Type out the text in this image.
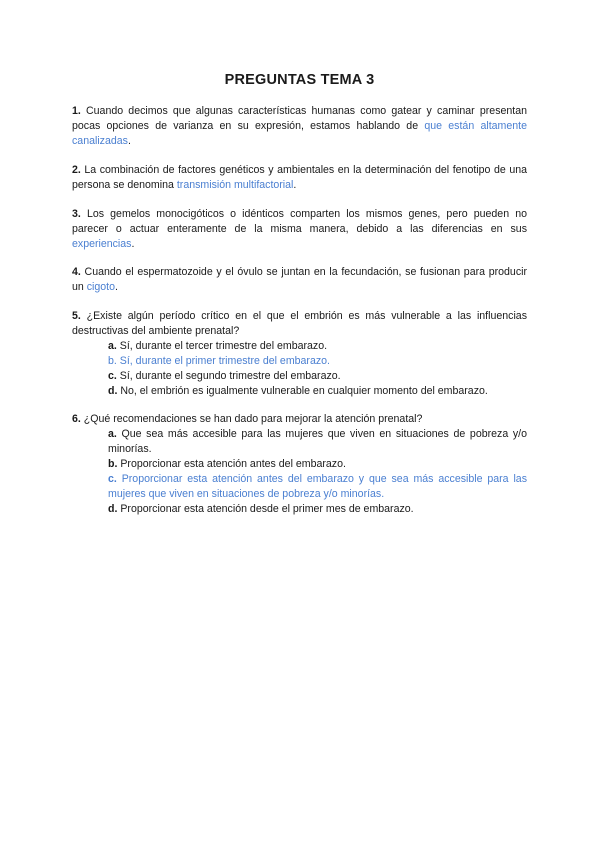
PREGUNTAS TEMA 3
1. Cuando decimos que algunas características humanas como gatear y caminar presentan pocas opciones de varianza en su expresión, estamos hablando de que están altamente canalizadas.
2. La combinación de factores genéticos y ambientales en la determinación del fenotipo de una persona se denomina transmisión multifactorial.
3. Los gemelos monocigóticos o idénticos comparten los mismos genes, pero pueden no parecer o actuar enteramente de la misma manera, debido a las diferencias en sus experiencias.
4. Cuando el espermatozoide y el óvulo se juntan en la fecundación, se fusionan para producir un cigoto.
5. ¿Existe algún período crítico en el que el embrión es más vulnerable a las influencias destructivas del ambiente prenatal?
a. Sí, durante el tercer trimestre del embarazo.
b. Sí, durante el primer trimestre del embarazo.
c. Sí, durante el segundo trimestre del embarazo.
d. No, el embrión es igualmente vulnerable en cualquier momento del embarazo.
6. ¿Qué recomendaciones se han dado para mejorar la atención prenatal?
a. Que sea más accesible para las mujeres que viven en situaciones de pobreza y/o minorías.
b. Proporcionar esta atención antes del embarazo.
c. Proporcionar esta atención antes del embarazo y que sea más accesible para las mujeres que viven en situaciones de pobreza y/o minorías.
d. Proporcionar esta atención desde el primer mes de embarazo.
